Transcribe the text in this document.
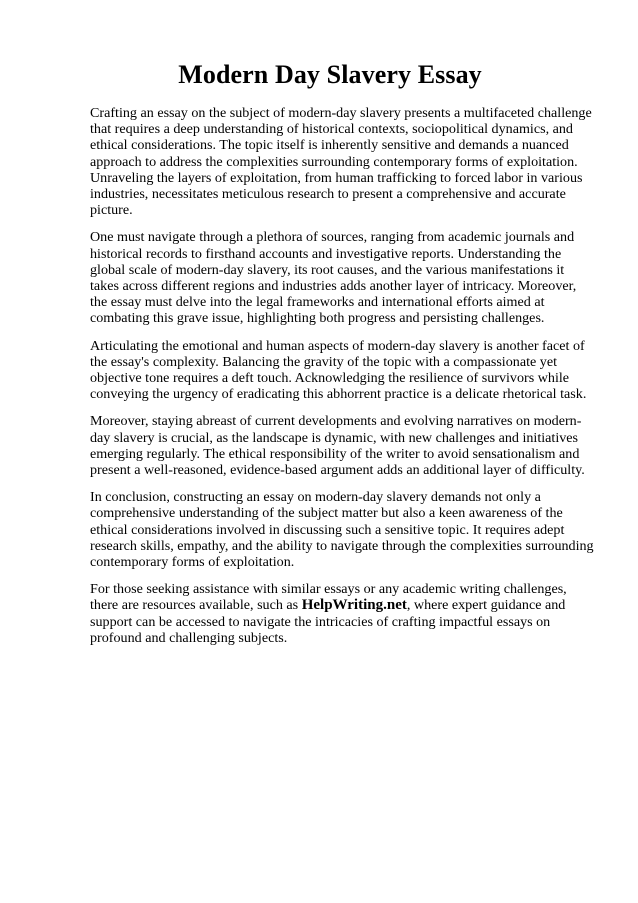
Modern Day Slavery Essay

Crafting an essay on the subject of modern-day slavery presents a multifaceted challenge that requires a deep understanding of historical contexts, sociopolitical dynamics, and ethical considerations. The topic itself is inherently sensitive and demands a nuanced approach to address the complexities surrounding contemporary forms of exploitation. Unraveling the layers of exploitation, from human trafficking to forced labor in various industries, necessitates meticulous research to present a comprehensive and accurate picture.

One must navigate through a plethora of sources, ranging from academic journals and historical records to firsthand accounts and investigative reports. Understanding the global scale of modern-day slavery, its root causes, and the various manifestations it takes across different regions and industries adds another layer of intricacy. Moreover, the essay must delve into the legal frameworks and international efforts aimed at combating this grave issue, highlighting both progress and persisting challenges.

Articulating the emotional and human aspects of modern-day slavery is another facet of the essay's complexity. Balancing the gravity of the topic with a compassionate yet objective tone requires a deft touch. Acknowledging the resilience of survivors while conveying the urgency of eradicating this abhorrent practice is a delicate rhetorical task.

Moreover, staying abreast of current developments and evolving narratives on modern-day slavery is crucial, as the landscape is dynamic, with new challenges and initiatives emerging regularly. The ethical responsibility of the writer to avoid sensationalism and present a well-reasoned, evidence-based argument adds an additional layer of difficulty.

In conclusion, constructing an essay on modern-day slavery demands not only a comprehensive understanding of the subject matter but also a keen awareness of the ethical considerations involved in discussing such a sensitive topic. It requires adept research skills, empathy, and the ability to navigate through the complexities surrounding contemporary forms of exploitation.

For those seeking assistance with similar essays or any academic writing challenges, there are resources available, such as HelpWriting.net, where expert guidance and support can be accessed to navigate the intricacies of crafting impactful essays on profound and challenging subjects.
